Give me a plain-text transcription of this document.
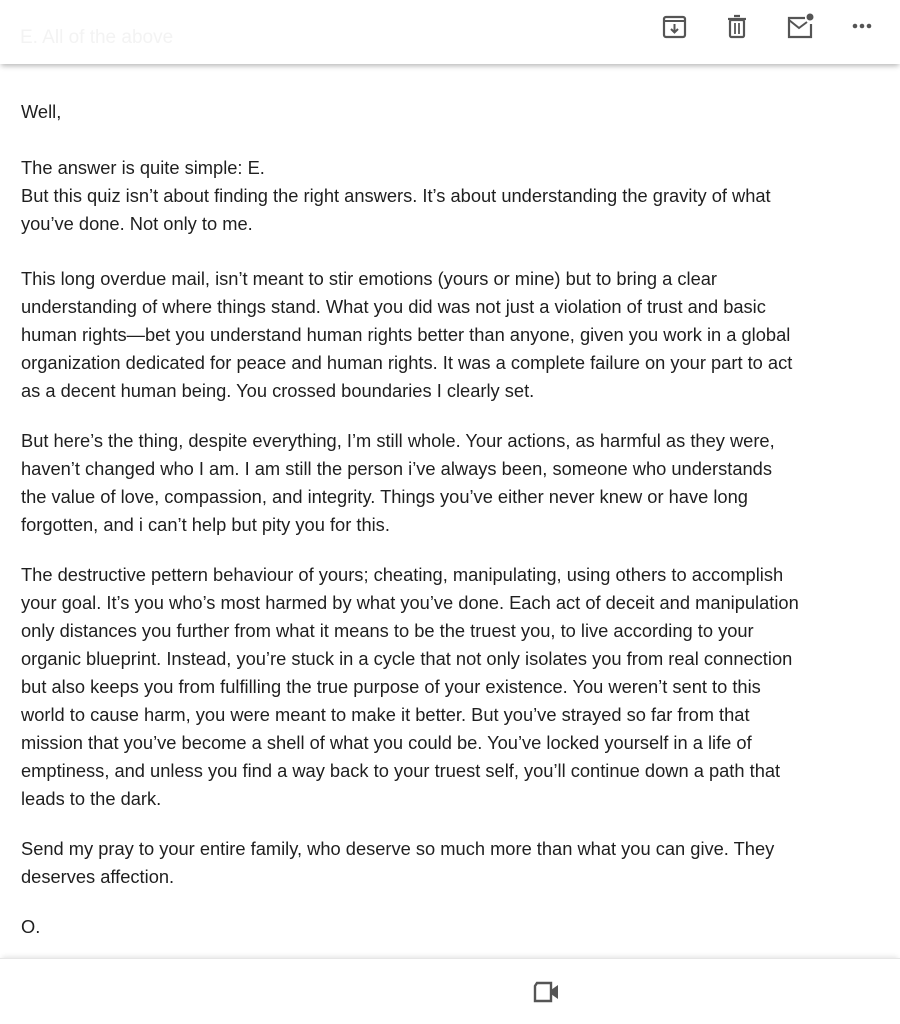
E. All of the above
Well,
The answer is quite simple: E.
But this quiz isn’t about finding the right answers. It’s about understanding the gravity of what
you’ve done. Not only to me.
This long overdue mail, isn’t meant to stir emotions (yours or mine) but to bring a clear
understanding of where things stand. What you did was not just a violation of trust and basic
human rights—bet you understand human rights better than anyone, given you work in a global
organization dedicated for peace and human rights. It was a complete failure on your part to act
as a decent human being. You crossed boundaries I clearly set.
But here’s the thing, despite everything, I’m still whole. Your actions, as harmful as they were,
haven’t changed who I am. I am still the person i’ve always been, someone who understands
the value of love, compassion, and integrity. Things you’ve either never knew or have long
forgotten, and i can’t help but pity you for this.
The destructive pettern behaviour of yours; cheating, manipulating, using others to accomplish
your goal. It’s you who’s most harmed by what you’ve done. Each act of deceit and manipulation
only distances you further from what it means to be the truest you, to live according to your
organic blueprint. Instead, you’re stuck in a cycle that not only isolates you from real connection
but also keeps you from fulfilling the true purpose of your existence. You weren’t sent to this
world to cause harm, you were meant to make it better. But you’ve strayed so far from that
mission that you’ve become a shell of what you could be. You’ve locked yourself in a life of
emptiness, and unless you find a way back to your truest self, you’ll continue down a path that
leads to the dark.
Send my pray to your entire family, who deserve so much more than what you can give. They
deserves affection.
O.
